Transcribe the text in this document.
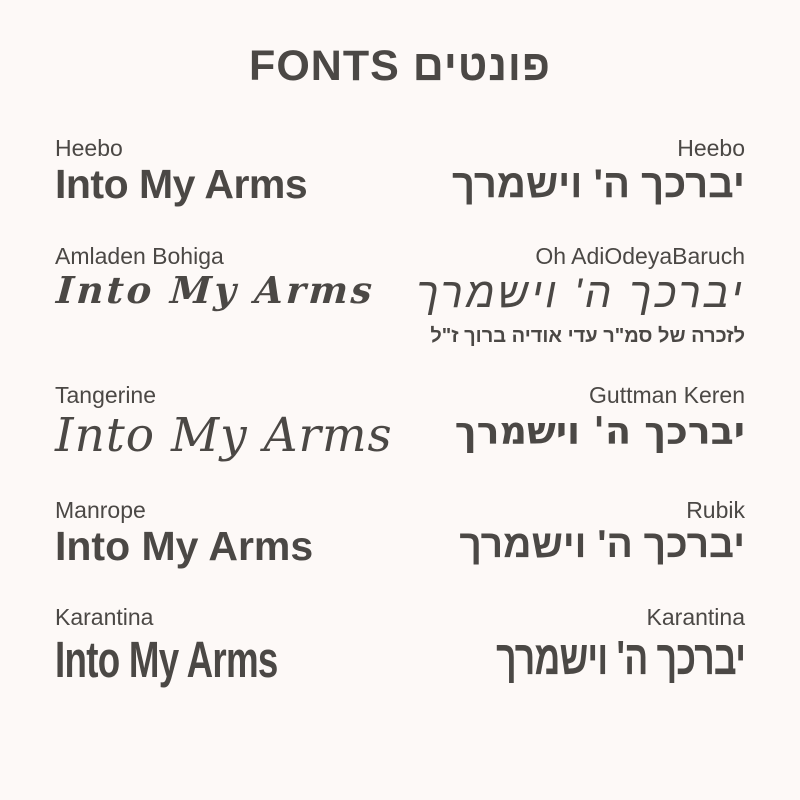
FONTS פונטים
Heebo
Into My Arms
Heebo
יברכך ה' וישמרך
Amladen Bohiga
Into My Arms
Oh AdiOdeyaBaruch
יברכך ה' וישמרך
לזכרה של סמ"ר עדי אודיה ברוך ז"ל
Tangerine
Into My Arms
Guttman Keren
יברכך ה' וישמרך
Manrope
Into My Arms
Rubik
יברכך ה' וישמרך
Karantina
Into My Arms
Karantina
יברכך ה' וישמרך
